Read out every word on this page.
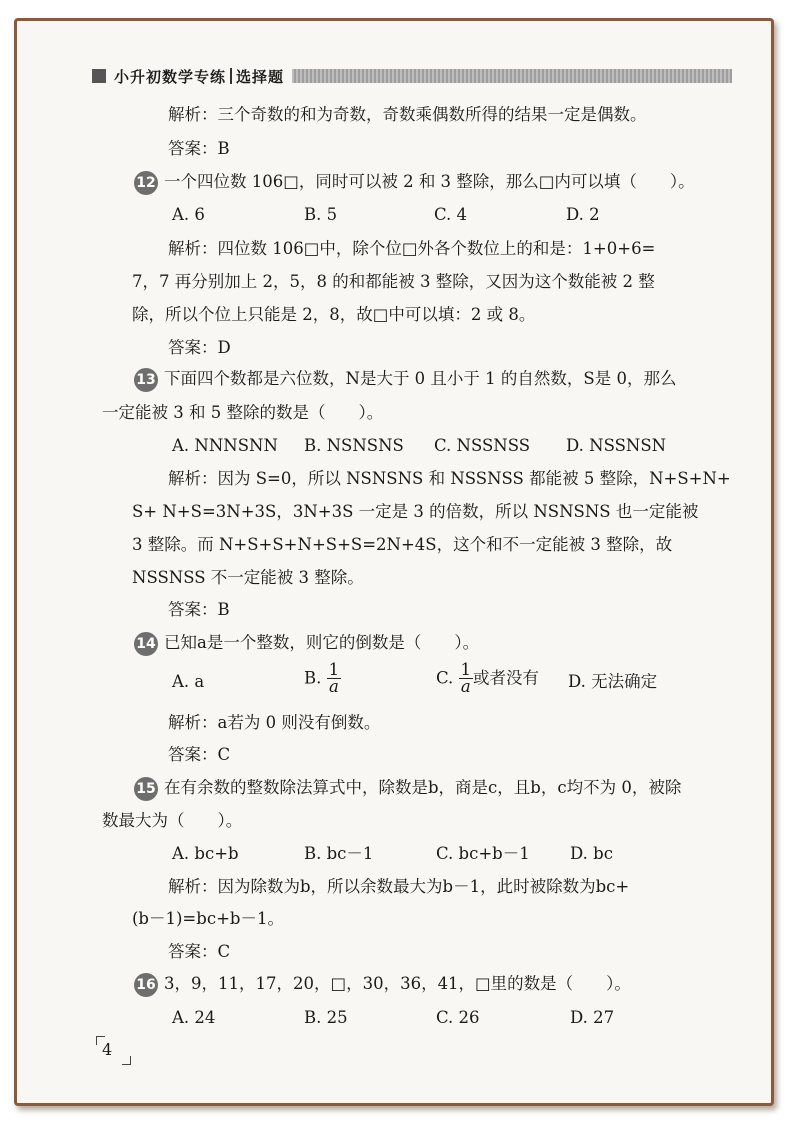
小升初数学专练 选择题
解析：三个奇数的和为奇数，奇数乘偶数所得的结果一定是偶数。
答案：B
12 一个四位数 106□，同时可以被 2 和 3 整除，那么□内可以填（　　）。
A. 6	B. 5	C. 4	D. 2
解析：四位数 106□中，除个位□外各个数位上的和是：1+0+6=
7，7 再分别加上 2，5，8 的和都能被 3 整除，又因为这个数能被 2 整
除，所以个位上只能是 2，8，故□中可以填：2 或 8。
答案：D
13 下面四个数都是六位数，N是大于 0 且小于 1 的自然数，S是 0，那么
一定能被 3 和 5 整除的数是（　　）。
A. NNNSNN B. NSNSNS C. NSSNSS D. NSSNSN
解析：因为 S=0，所以 NSNSNS 和 NSSNSS 都能被 5 整除，N+S+N+
S+ N+S=3N+3S，3N+3S 一定是 3 的倍数，所以 NSNSNS 也一定能被
3 整除。而 N+S+S+N+S+S=2N+4S，这个和不一定能被 3 整除，故
NSSNSS 不一定能被 3 整除。
答案：B
14 已知a是一个整数，则它的倒数是（　　）。
A. a	B. $\frac{1}{a}$	C. $\frac{1}{a}$ 或者没有 D. 无法确定
解析：a若为 0 则没有倒数。
答案：C
15 在有余数的整数除法算式中，除数是b，商是c，且b，c均不为 0，被除
数最大为（　　）。
A. bc+b	B. bc－1	C. bc+b－1 D. bc
解析：因为除数为b，所以余数最大为b－1，此时被除数为bc+
(b－1)=bc+b－1。
答案：C
16 3，9，11，17，20，□，30，36，41，□里的数是（　　）。
A. 24	B. 25	C. 26	D. 27
4
